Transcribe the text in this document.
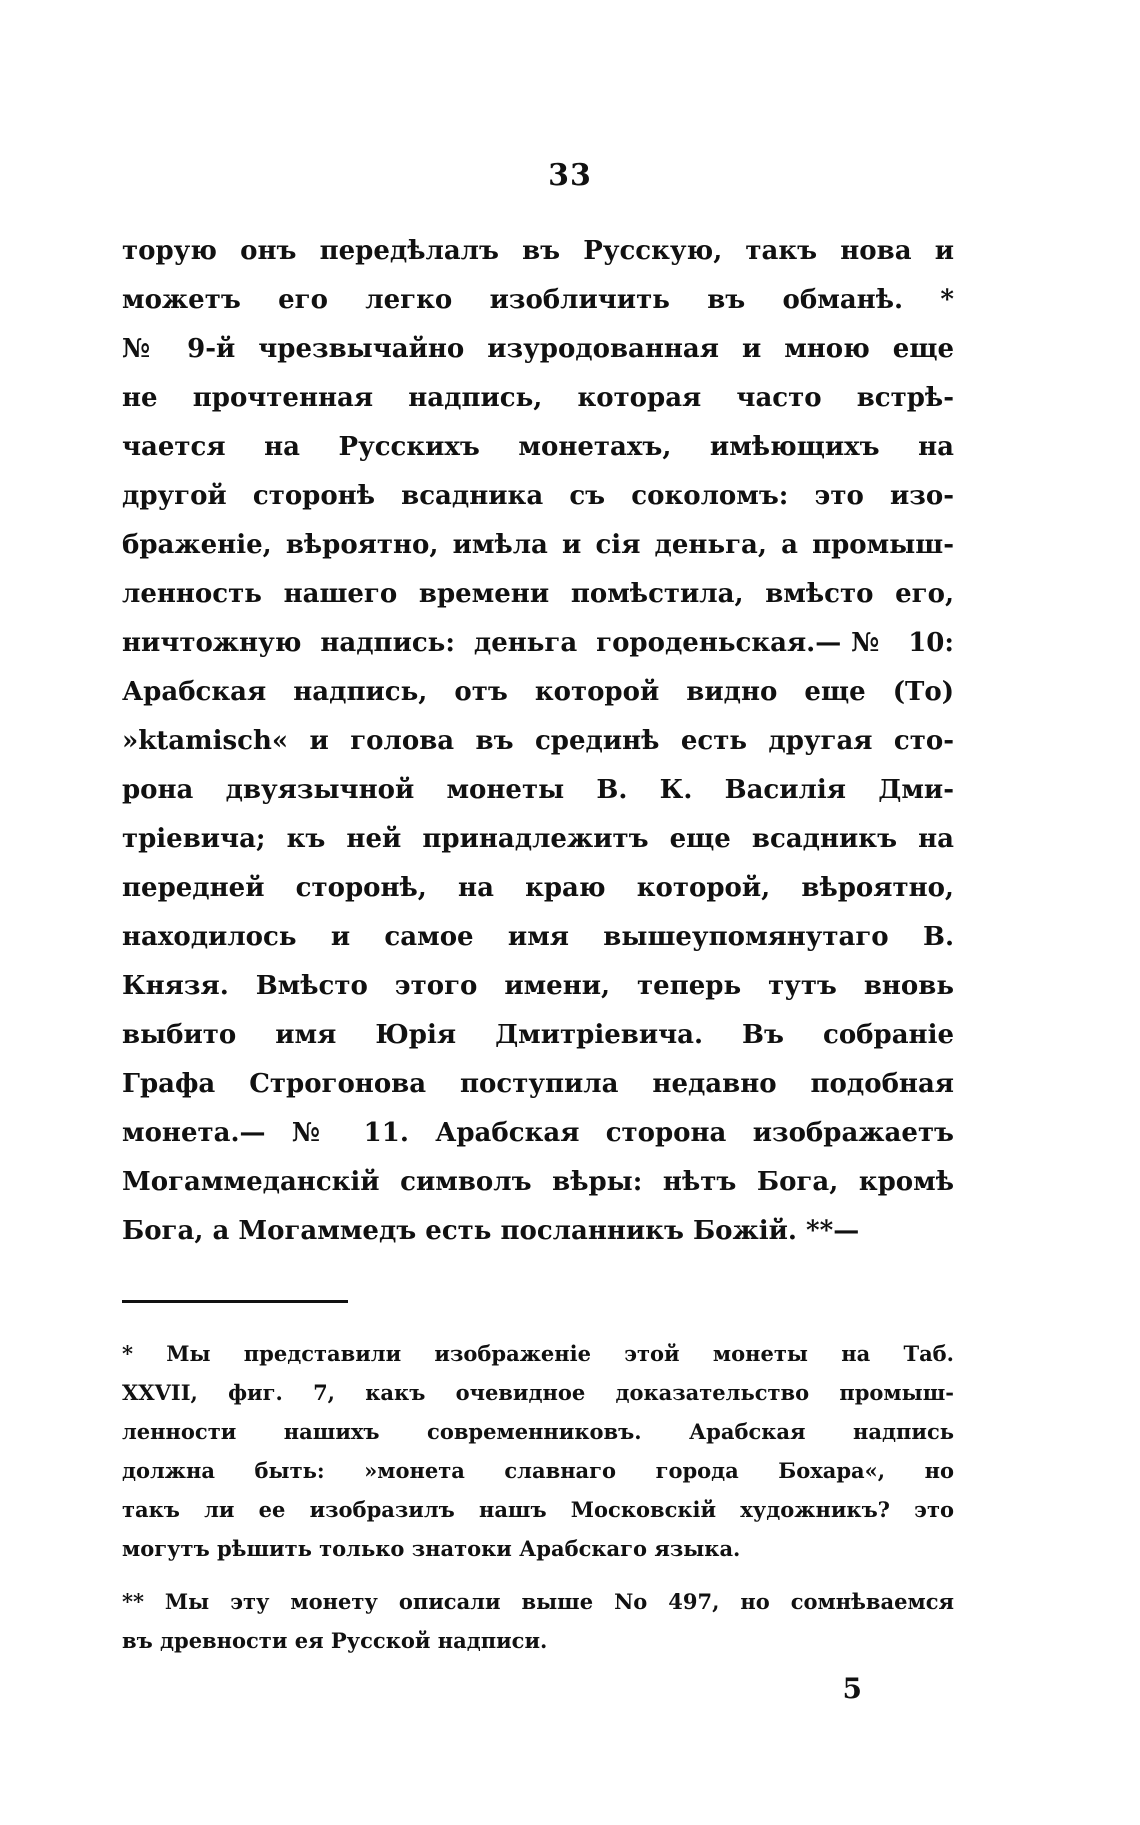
33
торую онъ передѣлалъ въ Русскую, такъ нова и
можетъ его легко изобличить въ обманѣ. *
№ 9-й чрезвычайно изуродованная и мною еще
не прочтенная надпись, которая часто встрѣ-
чается на Русскихъ монетахъ, имѣющихъ на
другой сторонѣ всадника съ соколомъ: это изо-
браженіе, вѣроятно, имѣла и сія деньга, а промыш-
ленность нашего времени помѣстила, вмѣсто его,
ничтожную надпись: деньга городеньская.—№ 10:
Арабская надпись, отъ которой видно еще (То)
»ktamisch« и голова въ срединѣ есть другая сто-
рона двуязычной монеты В. К. Василія Дми-
тріевича; къ ней принадлежитъ еще всадникъ на
передней сторонѣ, на краю которой, вѣроятно,
находилось и самое имя вышеупомянутаго В.
Князя. Вмѣсто этого имени, теперь тутъ вновь
выбито имя Юрія Дмитріевича. Въ собраніе
Графа Строгонова поступила недавно подобная
монета.— № 11. Арабская сторона изображаетъ
Могаммеданскій символъ вѣры: нѣтъ Бога, кромѣ
Бога, а Могаммедъ есть посланникъ Божій. **—
* Мы представили изображеніе этой монеты на Таб.
XXVII, фиг. 7, какъ очевидное доказательство промыш-
ленности нашихъ современниковъ. Арабская надпись
должна быть: »монета славнаго города Бохара«, но
такъ ли ее изобразилъ нашъ Московскій художникъ? это
могутъ рѣшить только знатоки Арабскаго языка.
** Мы эту монету описали выше No 497, но сомнѣваемся
въ древности ея Русской надписи.
5
